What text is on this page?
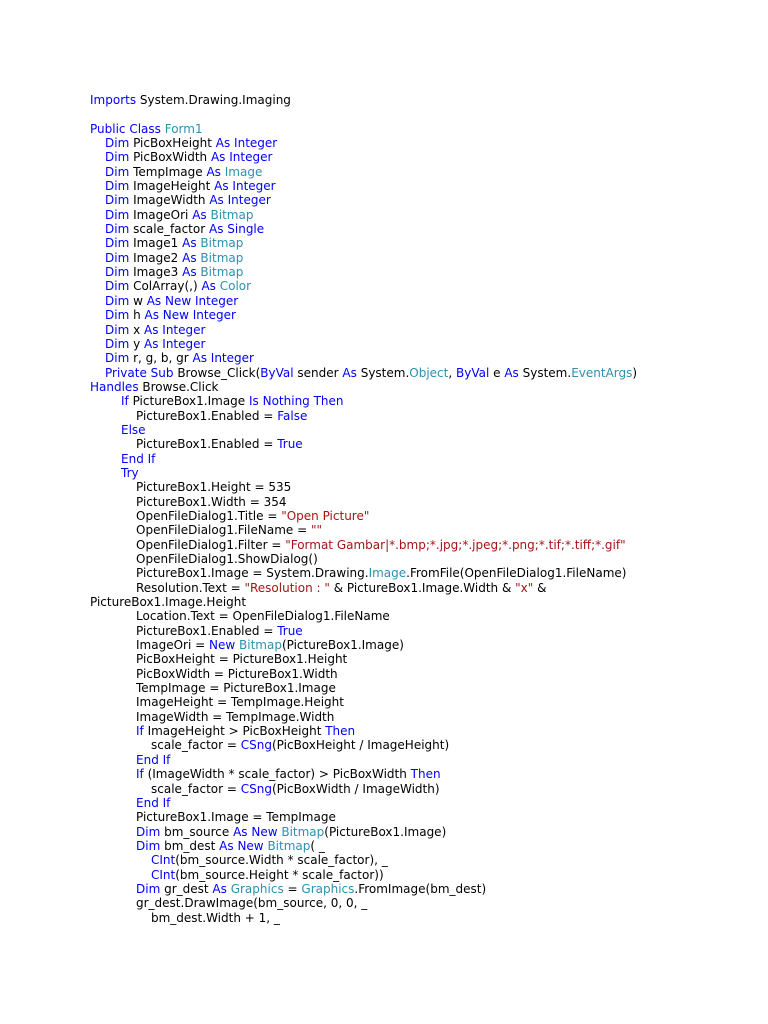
Imports System.Drawing.Imaging
Public Class Form1
Dim PicBoxHeight As Integer
Dim PicBoxWidth As Integer
Dim TempImage As Image
Dim ImageHeight As Integer
Dim ImageWidth As Integer
Dim ImageOri As Bitmap
Dim scale_factor As Single
Dim Image1 As Bitmap
Dim Image2 As Bitmap
Dim Image3 As Bitmap
Dim ColArray(,) As Color
Dim w As New Integer
Dim h As New Integer
Dim x As Integer
Dim y As Integer
Dim r, g, b, gr As Integer
Private Sub Browse_Click(ByVal sender As System.Object, ByVal e As System.EventArgs)
Handles Browse.Click
If PictureBox1.Image Is Nothing Then
PictureBox1.Enabled = False
Else
PictureBox1.Enabled = True
End If
Try
PictureBox1.Height = 535
PictureBox1.Width = 354
OpenFileDialog1.Title = "Open Picture"
OpenFileDialog1.FileName = ""
OpenFileDialog1.Filter = "Format Gambar|*.bmp;*.jpg;*.jpeg;*.png;*.tif;*.tiff;*.gif"
OpenFileDialog1.ShowDialog()
PictureBox1.Image = System.Drawing.Image.FromFile(OpenFileDialog1.FileName)
Resolution.Text = "Resolution : " & PictureBox1.Image.Width & "x" &
PictureBox1.Image.Height
Location.Text = OpenFileDialog1.FileName
PictureBox1.Enabled = True
ImageOri = New Bitmap(PictureBox1.Image)
PicBoxHeight = PictureBox1.Height
PicBoxWidth = PictureBox1.Width
TempImage = PictureBox1.Image
ImageHeight = TempImage.Height
ImageWidth = TempImage.Width
If ImageHeight > PicBoxHeight Then
scale_factor = CSng(PicBoxHeight / ImageHeight)
End If
If (ImageWidth * scale_factor) > PicBoxWidth Then
scale_factor = CSng(PicBoxWidth / ImageWidth)
End If
PictureBox1.Image = TempImage
Dim bm_source As New Bitmap(PictureBox1.Image)
Dim bm_dest As New Bitmap( _
CInt(bm_source.Width * scale_factor), _
CInt(bm_source.Height * scale_factor))
Dim gr_dest As Graphics = Graphics.FromImage(bm_dest)
gr_dest.DrawImage(bm_source, 0, 0, _
bm_dest.Width + 1, _
